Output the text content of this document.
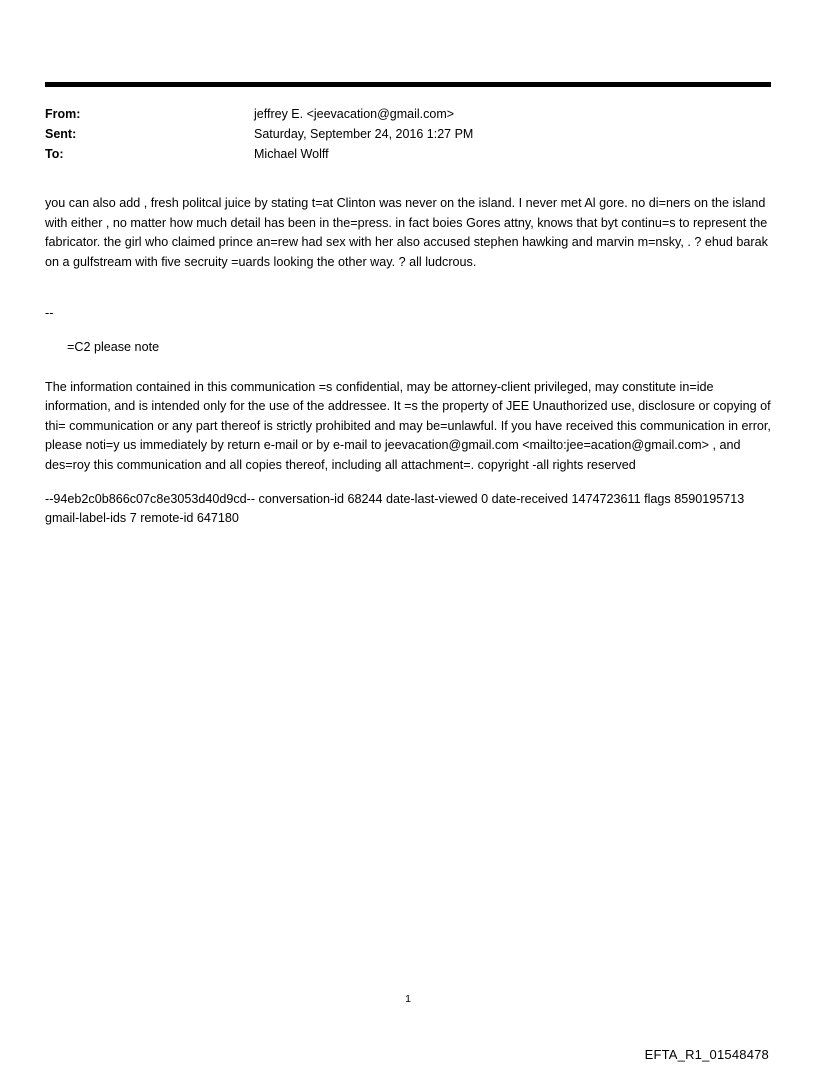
From:	jeffrey E. <jeevacation@gmail.com>
Sent:	Saturday, September 24, 2016 1:27 PM
To:	Michael Wolff
you can also add , fresh politcal juice by stating t=at Clinton was never on the island. I never met Al gore. no di=ners on the island with either , no matter how much detail has been in the=press. in fact boies Gores attny, knows that byt continu=s to represent the fabricator. the girl who claimed prince an=rew had sex with her also accused stephen hawking and marvin m=nsky, . ? ehud barak on a gulfstream with five secruity =uards looking the other way. ? all ludcrous.
--
=C2 please note
The information contained in this communication =s confidential, may be attorney-client privileged, may constitute in=ide information, and is intended only for the use of the addressee. It =s the property of JEE Unauthorized use, disclosure or copying of thi= communication or any part thereof is strictly prohibited and may be=unlawful. If you have received this communication in error, please noti=y us immediately by return e-mail or by e-mail to jeevacation@gmail.com <mailto:jee=acation@gmail.com> , and des=roy this communication and all copies thereof, including all attachment=. copyright -all rights reserved
--94eb2c0b866c07c8e3053d40d9cd-- conversation-id 68244 date-last-viewed 0 date-received 1474723611 flags 8590195713 gmail-label-ids 7 remote-id 647180
1
EFTA_R1_01548478
